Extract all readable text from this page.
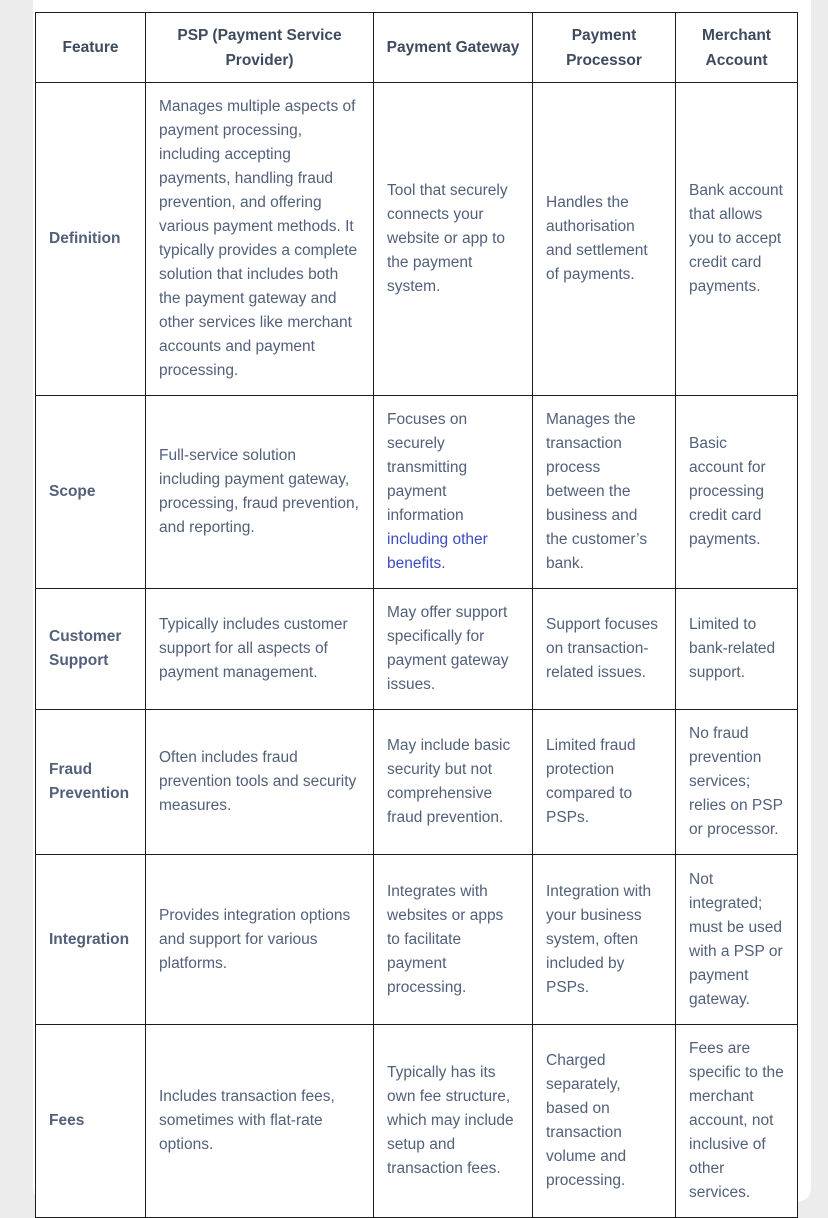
Feature	PSP (Payment Service Provider)	Payment Gateway	Payment Processor	Merchant Account
Definition	Manages multiple aspects of payment processing, including accepting payments, handling fraud prevention, and offering various payment methods. It typically provides a complete solution that includes both the payment gateway and other services like merchant accounts and payment processing.	Tool that securely connects your website or app to the payment system.	Handles the authorisation and settlement of payments.	Bank account that allows you to accept credit card payments.
Scope	Full-service solution including payment gateway, processing, fraud prevention, and reporting.	Focuses on securely transmitting payment information including other benefits.	Manages the transaction process between the business and the customer’s bank.	Basic account for processing credit card payments.
Customer Support	Typically includes customer support for all aspects of payment management.	May offer support specifically for payment gateway issues.	Support focuses on transaction-related issues.	Limited to bank-related support.
Fraud Prevention	Often includes fraud prevention tools and security measures.	May include basic security but not comprehensive fraud prevention.	Limited fraud protection compared to PSPs.	No fraud prevention services; relies on PSP or processor.
Integration	Provides integration options and support for various platforms.	Integrates with websites or apps to facilitate payment processing.	Integration with your business system, often included by PSPs.	Not integrated; must be used with a PSP or payment gateway.
Fees	Includes transaction fees, sometimes with flat-rate options.	Typically has its own fee structure, which may include setup and transaction fees.	Charged separately, based on transaction volume and processing.	Fees are specific to the merchant account, not inclusive of other services.
